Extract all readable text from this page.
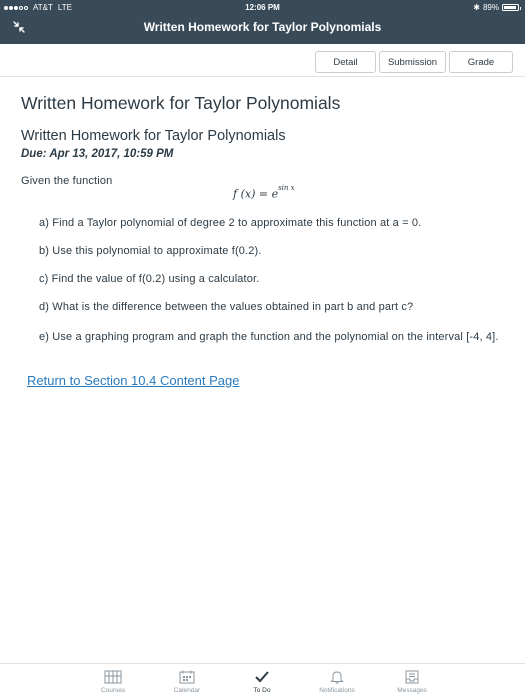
AT&T LTE	12:06 PM	✱ 89%
Written Homework for Taylor Polynomials
Detail	Submission	Grade
Written Homework for Taylor Polynomials
Written Homework for Taylor Polynomials
Due: Apr 13, 2017, 10:59 PM
Given the function
f $(x) = e^{sin x}$
a) Find a Taylor polynomial of degree 2 to approximate this function at a = 0.
b) Use this polynomial to approximate f(0.2).
c) Find the value of f(0.2) using a calculator.
d) What is the difference between the values obtained in part b and part c?
e) Use a graphing program and graph the function and the polynomial on the interval [-4, 4].
Return to Section 10.4 Content Page
Courses	Calendar	To Do	Notifications	Messages
